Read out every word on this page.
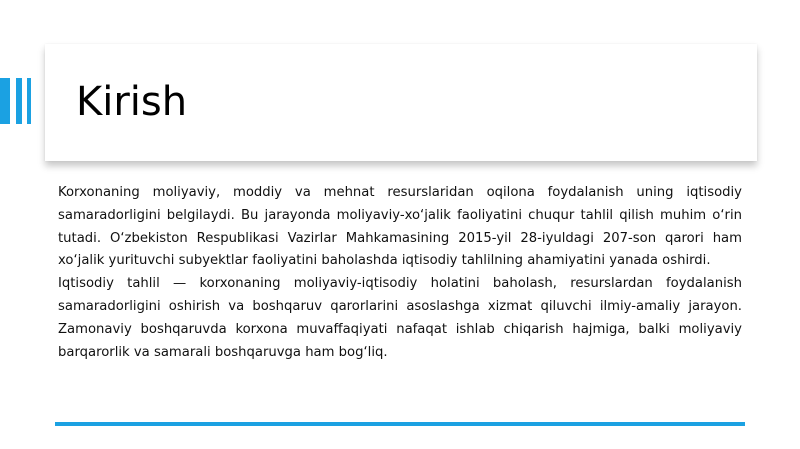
Kirish

Korxonaning moliyaviy, moddiy va mehnat resurslaridan oqilona foydalanish uning iqtisodiy samaradorligini belgilaydi. Bu jarayonda moliyaviy-xo‘jalik faoliyatini chuqur tahlil qilish muhim o‘rin tutadi. O‘zbekiston Respublikasi Vazirlar Mahkamasining 2015-yil 28-iyuldagi 207-son qarori ham xo‘jalik yurituvchi subyektlar faoliyatini baholashda iqtisodiy tahlilning ahamiyatini yanada oshirdi.

Iqtisodiy tahlil — korxonaning moliyaviy-iqtisodiy holatini baholash, resurslardan foydalanish samaradorligini oshirish va boshqaruv qarorlarini asoslashga xizmat qiluvchi ilmiy-amaliy jarayon. Zamonaviy boshqaruvda korxona muvaffaqiyati nafaqat ishlab chiqarish hajmiga, balki moliyaviy barqarorlik va samarali boshqaruvga ham bog‘liq.
